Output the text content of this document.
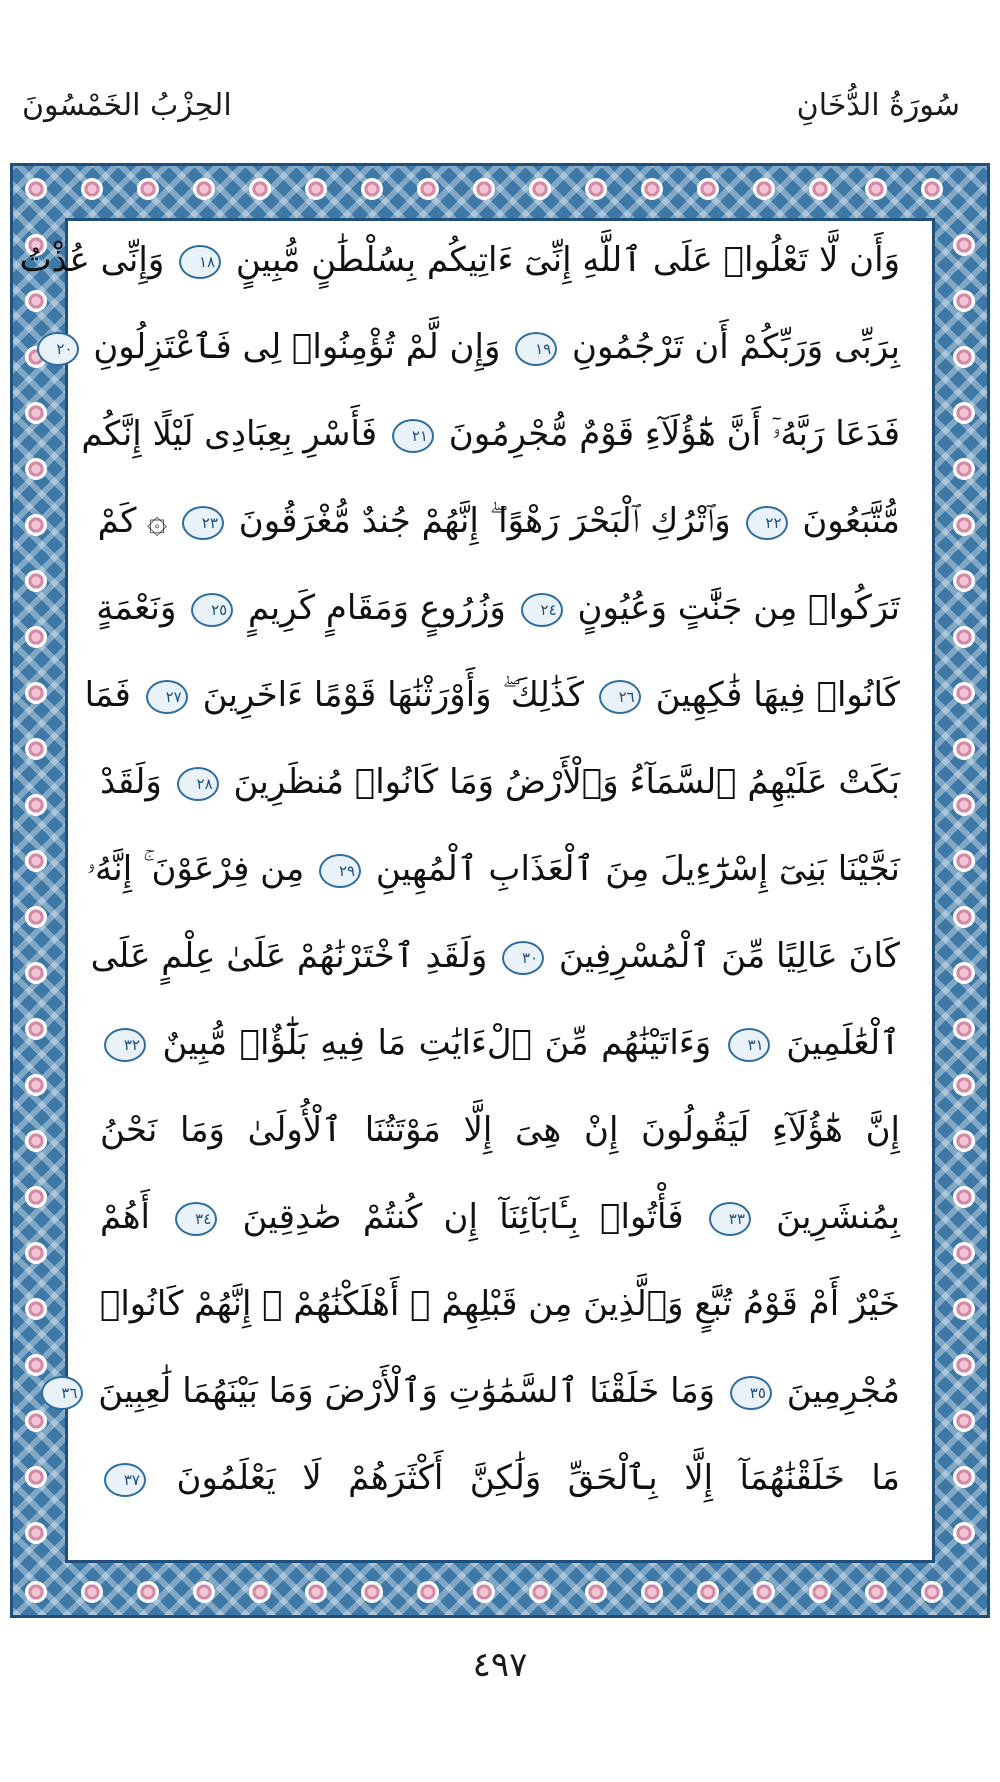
سُورَةُ الدُّخَانِ
الحِزْبُ الخَمْسُونَ
وَأَن لَّا تَعْلُوا۟ عَلَى ٱللَّهِ إِنِّىٓ ءَاتِيكُم بِسُلْطَٰنٍ مُّبِينٍ ١٨ وَإِنِّى عُذْتُ
بِرَبِّى وَرَبِّكُمْ أَن تَرْجُمُونِ ١٩ وَإِن لَّمْ تُؤْمِنُوا۟ لِى فَٱعْتَزِلُونِ ٢٠
فَدَعَا رَبَّهُۥٓ أَنَّ هَٰٓؤُلَآءِ قَوْمٌ مُّجْرِمُونَ ٢١ فَأَسْرِ بِعِبَادِى لَيْلًا إِنَّكُم
مُّتَّبَعُونَ ٢٢ وَٱتْرُكِ ٱلْبَحْرَ رَهْوًا ۖ إِنَّهُمْ جُندٌ مُّغْرَقُونَ ٢٣ ۞ كَمْ
تَرَكُوا۟ مِن جَنَّٰتٍ وَعُيُونٍ ٢٤ وَزُرُوعٍ وَمَقَامٍ كَرِيمٍ ٢٥ وَنَعْمَةٍ
كَانُوا۟ فِيهَا فَٰكِهِينَ ٢٦ كَذَٰلِكَ ۖ وَأَوْرَثْنَٰهَا قَوْمًا ءَاخَرِينَ ٢٧ فَمَا
بَكَتْ عَلَيْهِمُ ٱلسَّمَآءُ وَٱلْأَرْضُ وَمَا كَانُوا۟ مُنظَرِينَ ٢٨ وَلَقَدْ
نَجَّيْنَا بَنِىٓ إِسْرَٰٓءِيلَ مِنَ ٱلْعَذَابِ ٱلْمُهِينِ ٢٩ مِن فِرْعَوْنَ ۚ إِنَّهُۥ
كَانَ عَالِيًا مِّنَ ٱلْمُسْرِفِينَ ٣٠ وَلَقَدِ ٱخْتَرْنَٰهُمْ عَلَىٰ عِلْمٍ عَلَى
ٱلْعَٰلَمِينَ ٣١ وَءَاتَيْنَٰهُم مِّنَ ٱلْءَايَٰتِ مَا فِيهِ بَلَٰٓؤٌا۟ مُّبِينٌ ٣٢
إِنَّ هَٰٓؤُلَآءِ لَيَقُولُونَ إِنْ هِىَ إِلَّا مَوْتَتُنَا ٱلْأُولَىٰ وَمَا نَحْنُ
بِمُنشَرِينَ ٣٣ فَأْتُوا۟ بِـَٔابَآئِنَآ إِن كُنتُمْ صَٰدِقِينَ ٣٤ أَهُمْ
خَيْرٌ أَمْ قَوْمُ تُبَّعٍ وَٱلَّذِينَ مِن قَبْلِهِمْ ۚ أَهْلَكْنَٰهُمْ ۖ إِنَّهُمْ كَانُوا۟
مُجْرِمِينَ ٣٥ وَمَا خَلَقْنَا ٱلسَّمَٰوَٰتِ وَٱلْأَرْضَ وَمَا بَيْنَهُمَا لَٰعِبِينَ ٣٦
مَا خَلَقْنَٰهُمَآ إِلَّا بِٱلْحَقِّ وَلَٰكِنَّ أَكْثَرَهُمْ لَا يَعْلَمُونَ ٣٧
٤٩٧
